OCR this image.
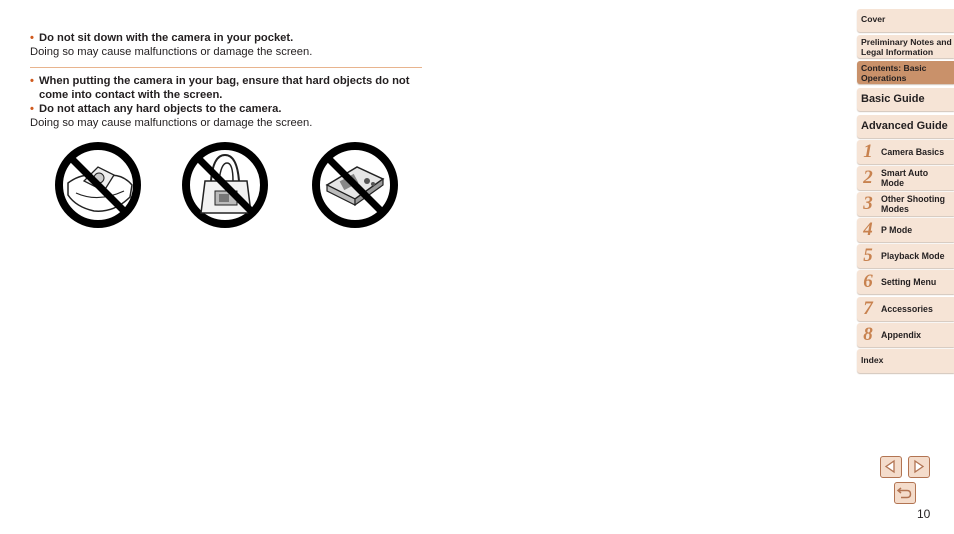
• Do not sit down with the camera in your pocket.
Doing so may cause malfunctions or damage the screen.
• When putting the camera in your bag, ensure that hard objects do not come into contact with the screen.
• Do not attach any hard objects to the camera.
Doing so may cause malfunctions or damage the screen.
Cover
Preliminary Notes and Legal Information
Contents: Basic Operations
Basic Guide
Advanced Guide
1 Camera Basics
2 Smart Auto Mode
3 Other Shooting Modes
4 P Mode
5 Playback Mode
6 Setting Menu
7 Accessories
8 Appendix
Index
10
